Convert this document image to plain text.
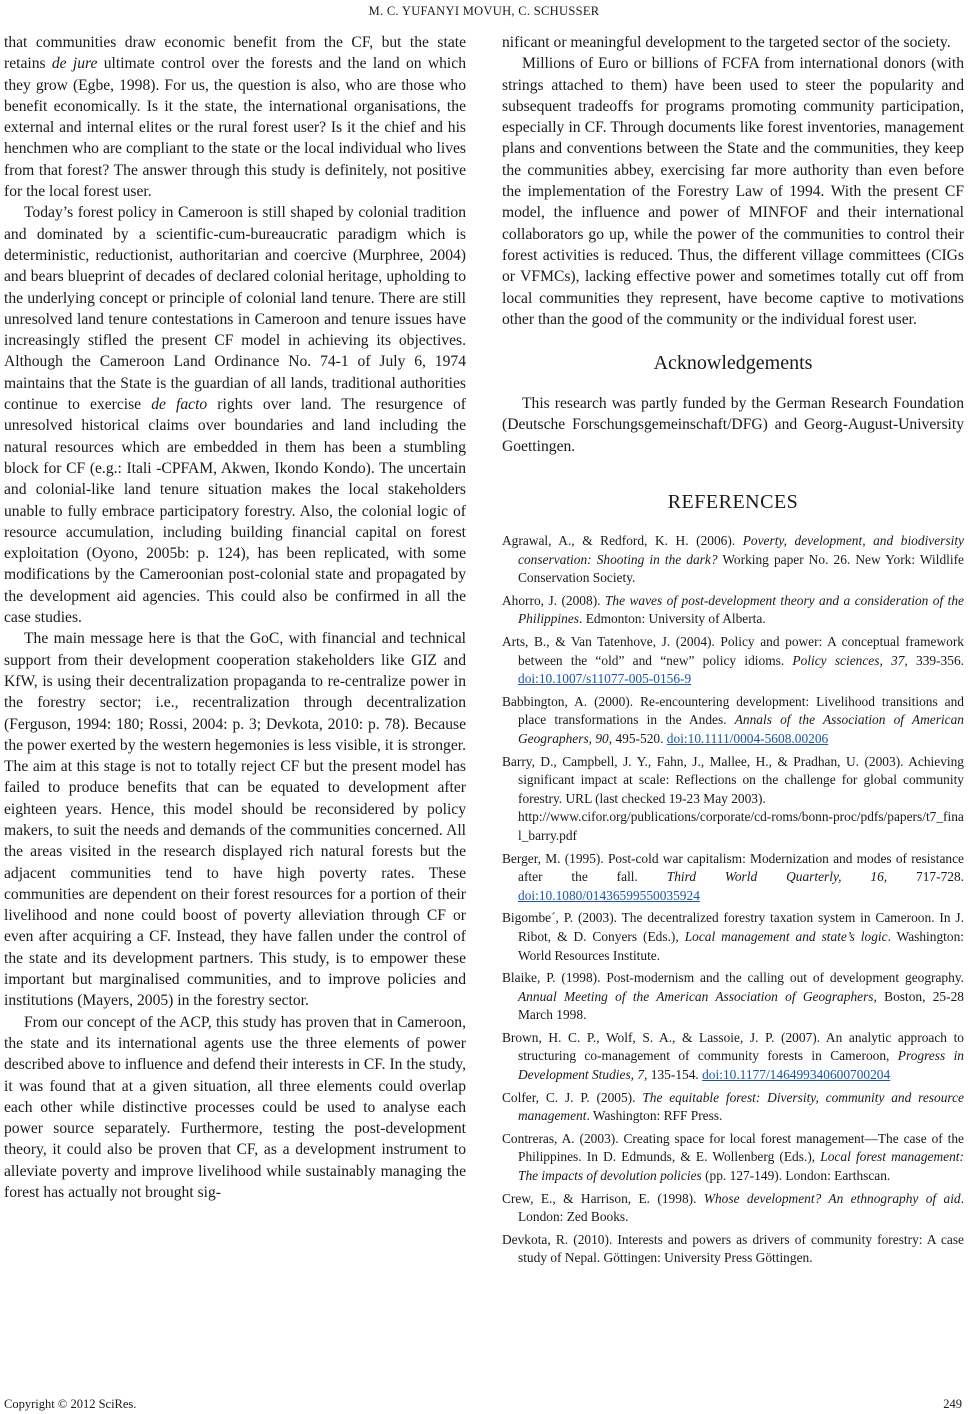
M. C. YUFANYI MOVUH, C. SCHUSSER

that communities draw economic benefit from the CF, but the state retains de jure ultimate control over the forests and the land on which they grow (Egbe, 1998). For us, the question is also, who are those who benefit economically. Is it the state, the international organisations, the external and internal elites or the rural forest user? Is it the chief and his henchmen who are compliant to the state or the local individual who lives from that forest? The answer through this study is definitely, not positive for the local forest user.

Today’s forest policy in Cameroon is still shaped by colonial tradition and dominated by a scientific-cum-bureaucratic paradigm which is deterministic, reductionist, authoritarian and coercive (Murphree, 2004) and bears blueprint of decades of declared colonial heritage, upholding to the underlying concept or principle of colonial land tenure. There are still unresolved land tenure contestations in Cameroon and tenure issues have increasingly stifled the present CF model in achieving its objectives. Although the Cameroon Land Ordinance No. 74-1 of July 6, 1974 maintains that the State is the guardian of all lands, traditional authorities continue to exercise de facto rights over land. The resurgence of unresolved historical claims over boundaries and land including the natural resources which are embedded in them has been a stumbling block for CF (e.g.: Itali -CPFAM, Akwen, Ikondo Kondo). The uncertain and colonial-like land tenure situation makes the local stakeholders unable to fully embrace participatory forestry. Also, the colonial logic of resource accumulation, including building financial capital on forest exploitation (Oyono, 2005b: p. 124), has been replicated, with some modifications by the Cameroonian post-colonial state and propagated by the development aid agencies. This could also be confirmed in all the case studies.

The main message here is that the GoC, with financial and technical support from their development cooperation stakeholders like GIZ and KfW, is using their decentralization propaganda to re-centralize power in the forestry sector; i.e., recentralization through decentralization (Ferguson, 1994: 180; Rossi, 2004: p. 3; Devkota, 2010: p. 78). Because the power exerted by the western hegemonies is less visible, it is stronger. The aim at this stage is not to totally reject CF but the present model has failed to produce benefits that can be equated to development after eighteen years. Hence, this model should be reconsidered by policy makers, to suit the needs and demands of the communities concerned. All the areas visited in the research displayed rich natural forests but the adjacent communities tend to have high poverty rates. These communities are dependent on their forest resources for a portion of their livelihood and none could boost of poverty alleviation through CF or even after acquiring a CF. Instead, they have fallen under the control of the state and its development partners. This study, is to empower these important but marginalised communities, and to improve policies and institutions (Mayers, 2005) in the forestry sector.

From our concept of the ACP, this study has proven that in Cameroon, the state and its international agents use the three elements of power described above to influence and defend their interests in CF. In the study, it was found that at a given situation, all three elements could overlap each other while distinctive processes could be used to analyse each power source separately. Furthermore, testing the post-development theory, it could also be proven that CF, as a development instrument to alleviate poverty and improve livelihood while sustainably managing the forest has actually not brought sig-

nificant or meaningful development to the targeted sector of the society.

Millions of Euro or billions of FCFA from international donors (with strings attached to them) have been used to steer the popularity and subsequent tradeoffs for programs promoting community participation, especially in CF. Through documents like forest inventories, management plans and conventions between the State and the communities, they keep the communities abbey, exercising far more authority than even before the implementation of the Forestry Law of 1994. With the present CF model, the influence and power of MINFOF and their international collaborators go up, while the power of the communities to control their forest activities is reduced. Thus, the different village committees (CIGs or VFMCs), lacking effective power and sometimes totally cut off from local communities they represent, have become captive to motivations other than the good of the community or the individual forest user.

Acknowledgements

This research was partly funded by the German Research Foundation (Deutsche Forschungsgemeinschaft/DFG) and Georg-August-University Goettingen.

REFERENCES

Agrawal, A., & Redford, K. H. (2006). Poverty, development, and biodiversity conservation: Shooting in the dark? Working paper No. 26. New York: Wildlife Conservation Society.

Ahorro, J. (2008). The waves of post-development theory and a consideration of the Philippines. Edmonton: University of Alberta.

Arts, B., & Van Tatenhove, J. (2004). Policy and power: A conceptual framework between the “old” and “new” policy idioms. Policy sciences, 37, 339-356. doi:10.1007/s11077-005-0156-9

Babbington, A. (2000). Re-encountering development: Livelihood transitions and place transformations in the Andes. Annals of the Association of American Geographers, 90, 495-520. doi:10.1111/0004-5608.00206

Barry, D., Campbell, J. Y., Fahn, J., Mallee, H., & Pradhan, U. (2003). Achieving significant impact at scale: Reflections on the challenge for global community forestry. URL (last checked 19-23 May 2003).
http://www.cifor.org/publications/corporate/cd-roms/bonn-proc/pdfs/papers/t7_final_barry.pdf

Berger, M. (1995). Post-cold war capitalism: Modernization and modes of resistance after the fall. Third World Quarterly, 16, 717-728. doi:10.1080/01436599550035924

Bigombe´, P. (2003). The decentralized forestry taxation system in Cameroon. In J. Ribot, & D. Conyers (Eds.), Local management and state’s logic. Washington: World Resources Institute.

Blaike, P. (1998). Post-modernism and the calling out of development geography. Annual Meeting of the American Association of Geographers, Boston, 25-28 March 1998.

Brown, H. C. P., Wolf, S. A., & Lassoie, J. P. (2007). An analytic approach to structuring co-management of community forests in Cameroon, Progress in Development Studies, 7, 135-154. doi:10.1177/146499340600700204

Colfer, C. J. P. (2005). The equitable forest: Diversity, community and resource management. Washington: RFF Press.

Contreras, A. (2003). Creating space for local forest management—The case of the Philippines. In D. Edmunds, & E. Wollenberg (Eds.), Local forest management: The impacts of devolution policies (pp. 127-149). London: Earthscan.

Crew, E., & Harrison, E. (1998). Whose development? An ethnography of aid. London: Zed Books.

Devkota, R. (2010). Interests and powers as drivers of community forestry: A case study of Nepal. Göttingen: University Press Göttingen.

Copyright © 2012 SciRes.	249
